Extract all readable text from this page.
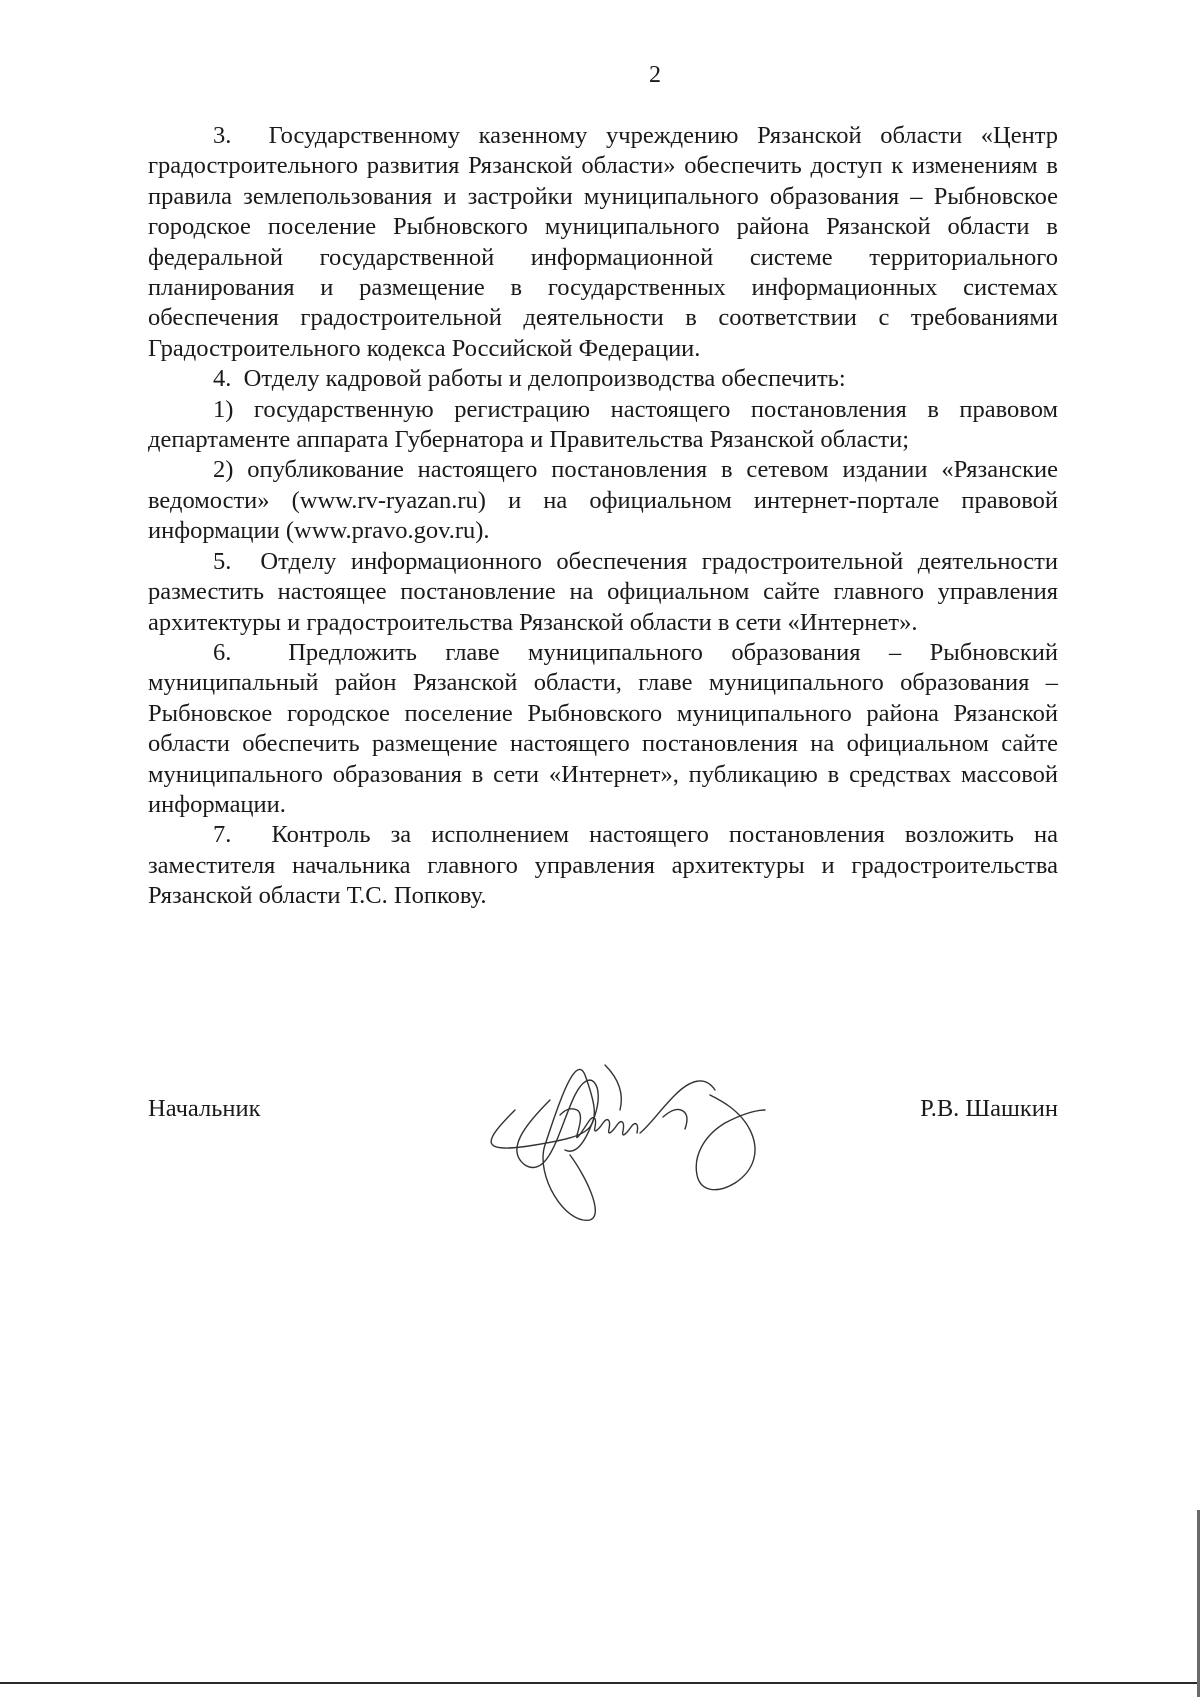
2

3.  Государственному казенному учреждению Рязанской области «Центр градостроительного развития Рязанской области» обеспечить доступ к изменениям в правила землепользования и застройки муниципального образования – Рыбновское городское поселение Рыбновского муниципального района Рязанской области в федеральной государственной информационной системе территориального планирования и размещение в государственных информационных системах обеспечения градостроительной деятельности в соответствии с требованиями Градостроительного кодекса Российской Федерации.

4.  Отделу кадровой работы и делопроизводства обеспечить:

1) государственную регистрацию настоящего постановления в правовом департаменте аппарата Губернатора и Правительства Рязанской области;

2) опубликование настоящего постановления в сетевом издании «Рязанские ведомости» (www.rv-ryazan.ru) и на официальном интернет-портале правовой информации (www.pravo.gov.ru).

5.  Отделу информационного обеспечения градостроительной деятельности разместить настоящее постановление на официальном сайте главного управления архитектуры и градостроительства Рязанской области в сети «Интернет».

6.  Предложить главе муниципального образования – Рыбновский муниципальный район Рязанской области, главе муниципального образования – Рыбновское городское поселение Рыбновского муниципального района Рязанской области обеспечить размещение настоящего постановления на официальном сайте муниципального образования в сети «Интернет», публикацию в средствах массовой информации.

7.  Контроль за исполнением настоящего постановления возложить на заместителя начальника главного управления архитектуры и градостроительства Рязанской области Т.С. Попкову.

Начальник	Р.В. Шашкин
